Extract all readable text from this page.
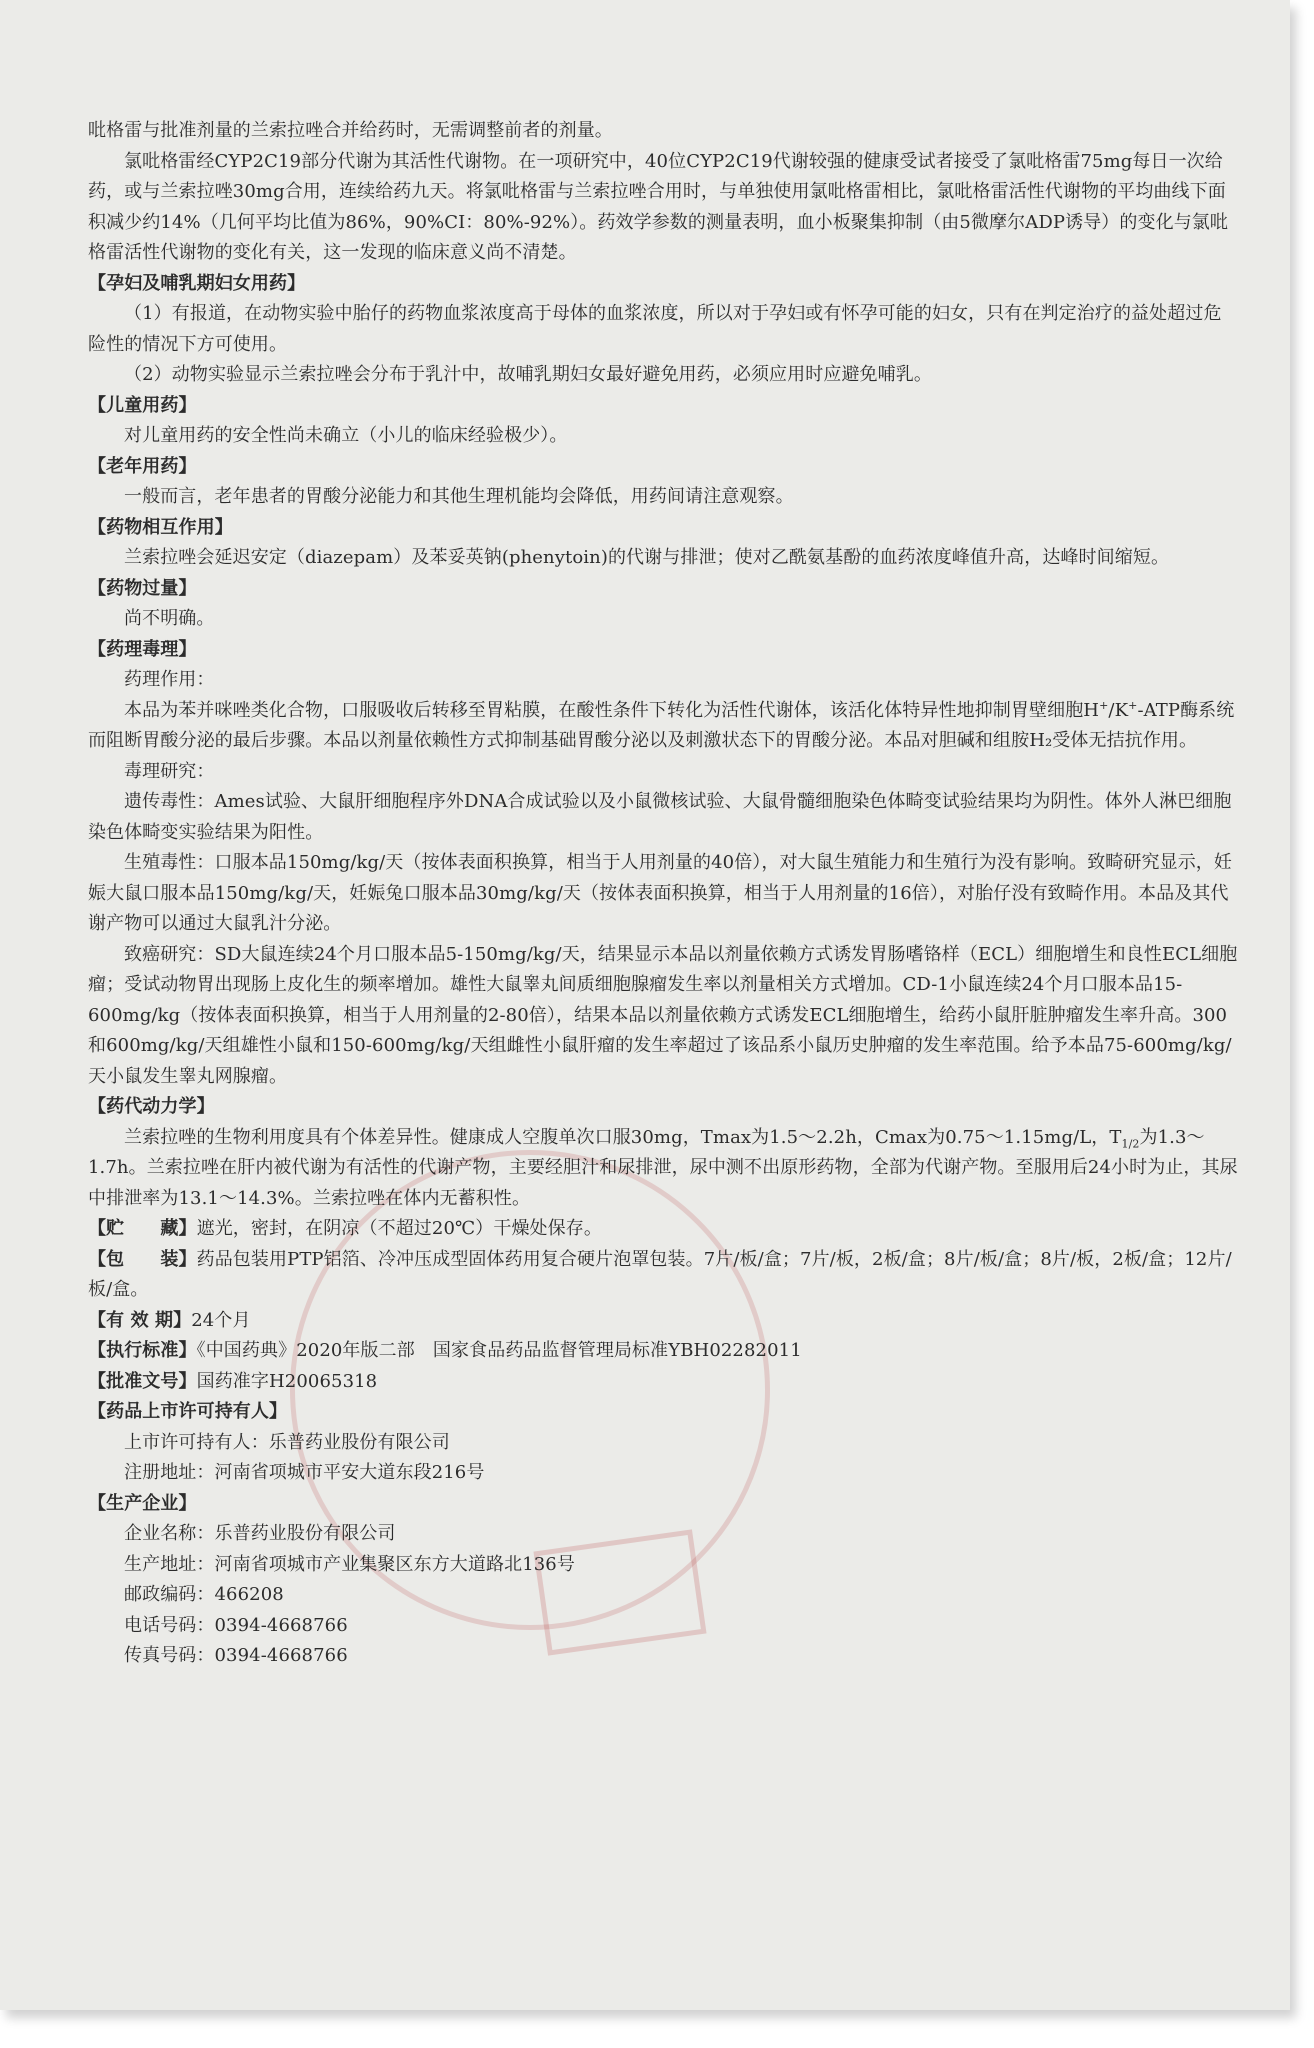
吡格雷与批准剂量的兰索拉唑合并给药时，无需调整前者的剂量。

氯吡格雷经CYP2C19部分代谢为其活性代谢物。在一项研究中，40位CYP2C19代谢较强的健康受试者接受了氯吡格雷75mg每日一次给药，或与兰索拉唑30mg合用，连续给药九天。将氯吡格雷与兰索拉唑合用时，与单独使用氯吡格雷相比，氯吡格雷活性代谢物的平均曲线下面积减少约14%（几何平均比值为86%，90%CI：80%-92%）。药效学参数的测量表明，血小板聚集抑制（由5微摩尔ADP诱导）的变化与氯吡格雷活性代谢物的变化有关，这一发现的临床意义尚不清楚。

【孕妇及哺乳期妇女用药】

（1）有报道，在动物实验中胎仔的药物血浆浓度高于母体的血浆浓度，所以对于孕妇或有怀孕可能的妇女，只有在判定治疗的益处超过危险性的情况下方可使用。

（2）动物实验显示兰索拉唑会分布于乳汁中，故哺乳期妇女最好避免用药，必须应用时应避免哺乳。

【儿童用药】

对儿童用药的安全性尚未确立（小儿的临床经验极少）。

【老年用药】

一般而言，老年患者的胃酸分泌能力和其他生理机能均会降低，用药间请注意观察。

【药物相互作用】

兰索拉唑会延迟安定（diazepam）及苯妥英钠(phenytoin)的代谢与排泄；使对乙酰氨基酚的血药浓度峰值升高，达峰时间缩短。

【药物过量】

尚不明确。

【药理毒理】

药理作用：

本品为苯并咪唑类化合物，口服吸收后转移至胃粘膜，在酸性条件下转化为活性代谢体，该活化体特异性地抑制胃壁细胞H+/K+-ATP酶系统而阻断胃酸分泌的最后步骤。本品以剂量依赖性方式抑制基础胃酸分泌以及刺激状态下的胃酸分泌。本品对胆碱和组胺H₂受体无拮抗作用。

毒理研究：

遗传毒性：Ames试验、大鼠肝细胞程序外DNA合成试验以及小鼠微核试验、大鼠骨髓细胞染色体畸变试验结果均为阴性。体外人淋巴细胞染色体畸变实验结果为阳性。

生殖毒性：口服本品150mg/kg/天（按体表面积换算，相当于人用剂量的40倍），对大鼠生殖能力和生殖行为没有影响。致畸研究显示，妊娠大鼠口服本品150mg/kg/天，妊娠兔口服本品30mg/kg/天（按体表面积换算，相当于人用剂量的16倍），对胎仔没有致畸作用。本品及其代谢产物可以通过大鼠乳汁分泌。

致癌研究：SD大鼠连续24个月口服本品5-150mg/kg/天，结果显示本品以剂量依赖方式诱发胃肠嗜铬样（ECL）细胞增生和良性ECL细胞瘤；受试动物胃出现肠上皮化生的频率增加。雄性大鼠睾丸间质细胞腺瘤发生率以剂量相关方式增加。CD-1小鼠连续24个月口服本品15-600mg/kg（按体表面积换算，相当于人用剂量的2-80倍），结果本品以剂量依赖方式诱发ECL细胞增生，给药小鼠肝脏肿瘤发生率升高。300和600mg/kg/天组雄性小鼠和150-600mg/kg/天组雌性小鼠肝瘤的发生率超过了该品系小鼠历史肿瘤的发生率范围。给予本品75-600mg/kg/天小鼠发生睾丸网腺瘤。

【药代动力学】

兰索拉唑的生物利用度具有个体差异性。健康成人空腹单次口服30mg，Tmax为1.5～2.2h，Cmax为0.75～1.15mg/L，$T_{1/2}$为1.3～1.7h。兰索拉唑在肝内被代谢为有活性的代谢产物，主要经胆汁和尿排泄，尿中测不出原形药物，全部为代谢产物。至服用后24小时为止，其尿中排泄率为13.1～14.3%。兰索拉唑在体内无蓄积性。

【贮　　藏】遮光，密封，在阴凉（不超过20℃）干燥处保存。

【包　　装】药品包装用PTP铝箔、冷冲压成型固体药用复合硬片泡罩包装。7片/板/盒；7片/板，2板/盒；8片/板/盒；8片/板，2板/盒；12片/板/盒。

【有 效 期】24个月

【执行标准】《中国药典》2020年版二部　国家食品药品监督管理局标准YBH02282011

【批准文号】国药准字H20065318

【药品上市许可持有人】

上市许可持有人：乐普药业股份有限公司

注册地址：河南省项城市平安大道东段216号

【生产企业】

企业名称：乐普药业股份有限公司

生产地址：河南省项城市产业集聚区东方大道路北136号

邮政编码：466208

电话号码：0394-4668766

传真号码：0394-4668766
